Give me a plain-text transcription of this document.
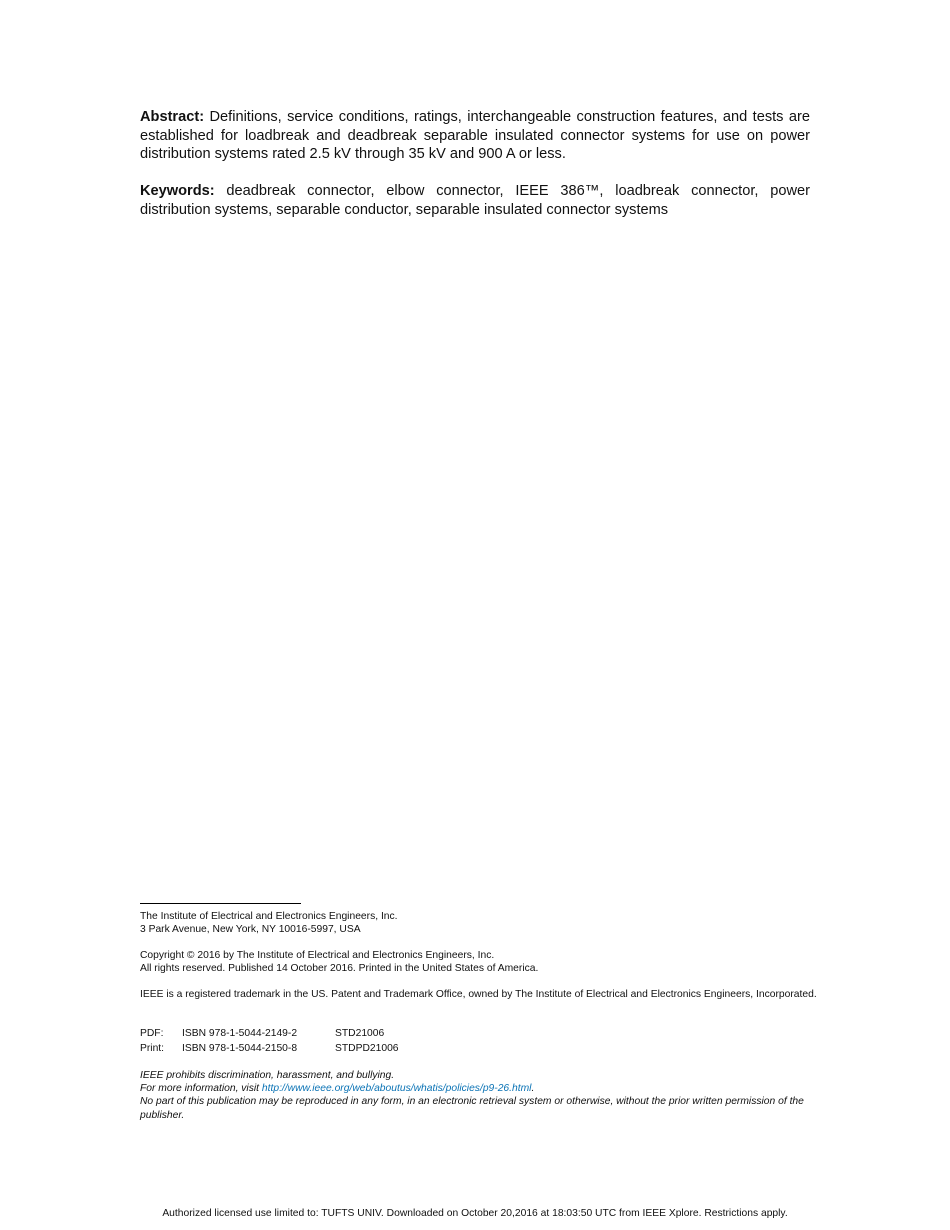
Abstract: Definitions, service conditions, ratings, interchangeable construction features, and tests are established for loadbreak and deadbreak separable insulated connector systems for use on power distribution systems rated 2.5 kV through 35 kV and 900 A or less.

Keywords: deadbreak connector, elbow connector, IEEE 386™, loadbreak connector, power distribution systems, separable conductor, separable insulated connector systems

The Institute of Electrical and Electronics Engineers, Inc.
3 Park Avenue, New York, NY 10016-5997, USA
Copyright © 2016 by The Institute of Electrical and Electronics Engineers, Inc.
All rights reserved. Published 14 October 2016. Printed in the United States of America.
IEEE is a registered trademark in the US. Patent and Trademark Office, owned by The Institute of Electrical and Electronics Engineers, Incorporated.
PDF:	ISBN 978-1-5044-2149-2	STD21006
Print:	ISBN 978-1-5044-2150-8	STDPD21006
IEEE prohibits discrimination, harassment, and bullying.
For more information, visit http://www.ieee.org/web/aboutus/whatis/policies/p9-26.html.
No part of this publication may be reproduced in any form, in an electronic retrieval system or otherwise, without the prior written permission of the publisher.
Authorized licensed use limited to: TUFTS UNIV. Downloaded on October 20,2016 at 18:03:50 UTC from IEEE Xplore. Restrictions apply.
